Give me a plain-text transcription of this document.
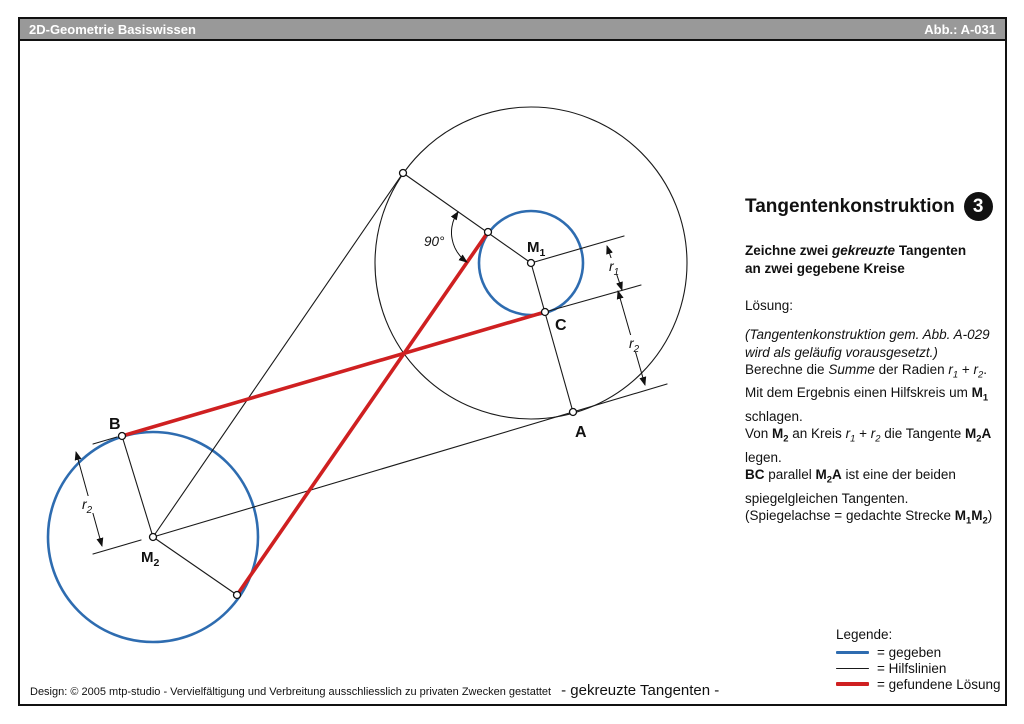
2D-Geometrie Basiswissen	Abb.: A-031
$M_1$
$M_2$
C
A
B
$r_1$
$r_2$
$r_2$
90°
Tangentenkonstruktion 3
Zeichne zwei gekreuzte Tangenten
an zwei gegebene Kreise
Lösung:
(Tangentenkonstruktion gem. Abb. A-029
wird als geläufig vorausgesetzt.)
Berechne die Summe der Radien $r_1 + r_2$.
Mit dem Ergebnis einen Hilfskreis um $M_1$
schlagen.
Von $M_2$ an Kreis $r_1 + r_2$ die Tangente $M_2A$
legen.
BC parallel $M_2A$ ist eine der beiden
spiegelgleichen Tangenten.
(Spiegelachse = gedachte Strecke $M_1M_2$)
Legende:
= gegeben
= Hilfslinien
= gefundene Lösung
Design: © 2005 mtp-studio - Vervielfältigung und Verbreitung ausschliesslich zu privaten Zwecken gestattet - gekreuzte Tangenten -
